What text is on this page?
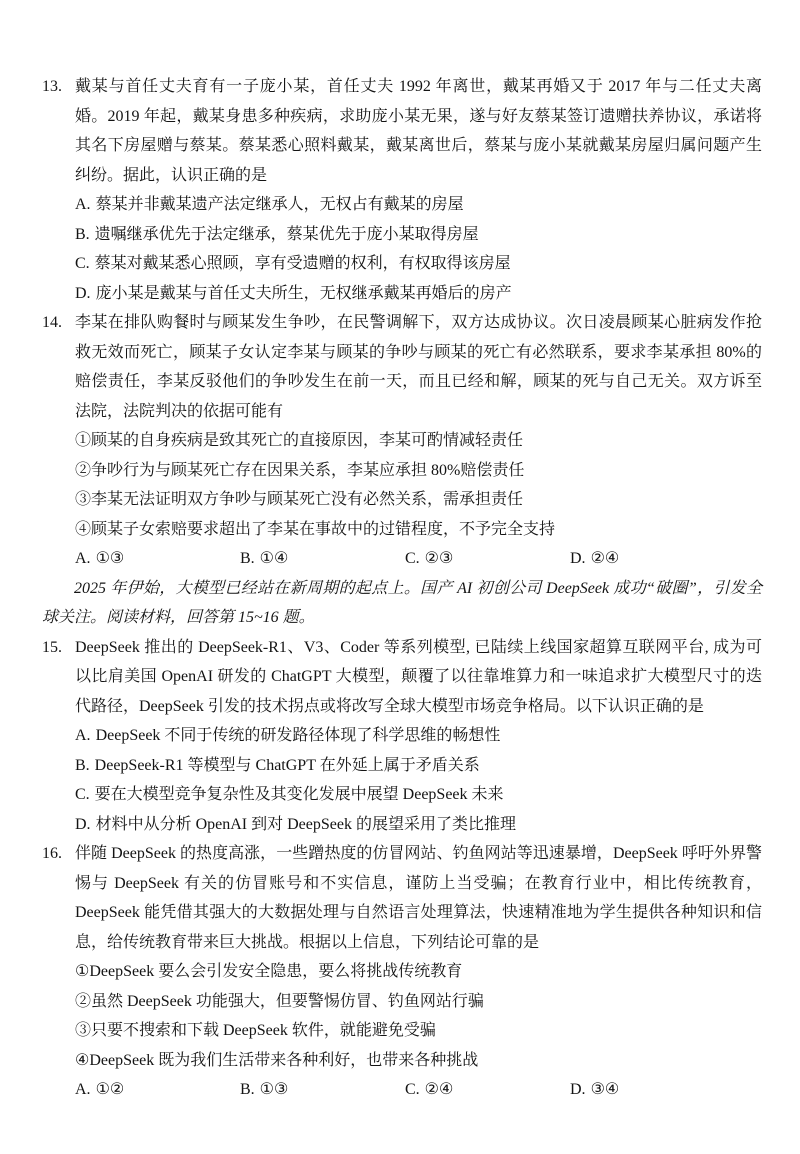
13. 戴某与首任丈夫育有一子庞小某，首任丈夫 1992 年离世，戴某再婚又于 2017 年与二任丈夫离婚。2019 年起，戴某身患多种疾病，求助庞小某无果，遂与好友蔡某签订遗赠扶养协议，承诺将其名下房屋赠与蔡某。蔡某悉心照料戴某，戴某离世后，蔡某与庞小某就戴某房屋归属问题产生纠纷。据此，认识正确的是

A. 蔡某并非戴某遗产法定继承人，无权占有戴某的房屋
B. 遗嘱继承优先于法定继承，蔡某优先于庞小某取得房屋
C. 蔡某对戴某悉心照顾，享有受遗赠的权利，有权取得该房屋
D. 庞小某是戴某与首任丈夫所生，无权继承戴某再婚后的房产
14. 李某在排队购餐时与顾某发生争吵，在民警调解下，双方达成协议。次日凌晨顾某心脏病发作抢救无效而死亡，顾某子女认定李某与顾某的争吵与顾某的死亡有必然联系，要求李某承担 80%的赔偿责任，李某反驳他们的争吵发生在前一天，而且已经和解，顾某的死与自己无关。双方诉至法院，法院判决的依据可能有

①顾某的自身疾病是致其死亡的直接原因，李某可酌情减轻责任
②争吵行为与顾某死亡存在因果关系，李某应承担 80%赔偿责任
③李某无法证明双方争吵与顾某死亡没有必然关系，需承担责任
④顾某子女索赔要求超出了李某在事故中的过错程度，不予完全支持
A. ①③	B. ①④	C. ②③	D. ②④

2025 年伊始，大模型已经站在新周期的起点上。国产 AI 初创公司 DeepSeek 成功“破圈”，引发全球关注。阅读材料，回答第 15~16 题。

15. DeepSeek 推出的 DeepSeek-R1、V3、Coder 等系列模型, 已陆续上线国家超算互联网平台, 成为可以比肩美国 OpenAI 研发的 ChatGPT 大模型，颠覆了以往靠堆算力和一味追求扩大模型尺寸的迭代路径，DeepSeek 引发的技术拐点或将改写全球大模型市场竞争格局。以下认识正确的是

A. DeepSeek 不同于传统的研发路径体现了科学思维的畅想性
B. DeepSeek-R1 等模型与 ChatGPT 在外延上属于矛盾关系
C. 要在大模型竞争复杂性及其变化发展中展望 DeepSeek 未来
D. 材料中从分析 OpenAI 到对 DeepSeek 的展望采用了类比推理
16. 伴随 DeepSeek 的热度高涨，一些蹭热度的仿冒网站、钓鱼网站等迅速暴增，DeepSeek 呼吁外界警惕与 DeepSeek 有关的仿冒账号和不实信息，谨防上当受骗；在教育行业中，相比传统教育，DeepSeek 能凭借其强大的大数据处理与自然语言处理算法，快速精准地为学生提供各种知识和信息，给传统教育带来巨大挑战。根据以上信息，下列结论可靠的是

①DeepSeek 要么会引发安全隐患，要么将挑战传统教育
②虽然 DeepSeek 功能强大，但要警惕仿冒、钓鱼网站行骗
③只要不搜索和下载 DeepSeek 软件，就能避免受骗
④DeepSeek 既为我们生活带来各种利好，也带来各种挑战
A. ①②	B. ①③	C. ②④	D. ③④
